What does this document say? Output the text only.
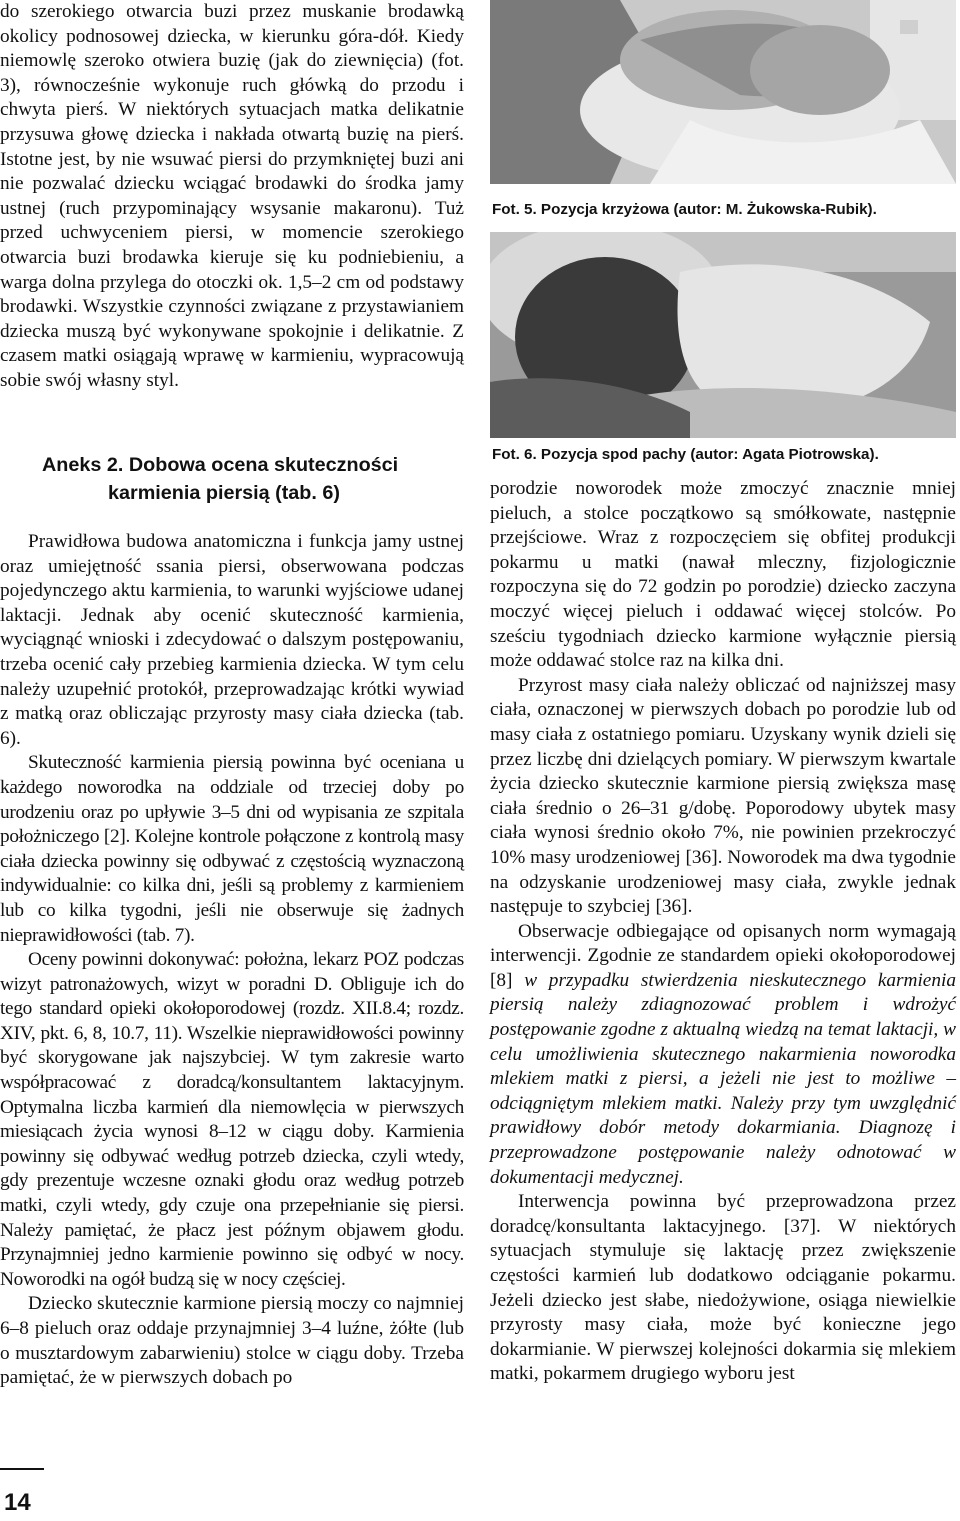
do szerokiego otwarcia buzi przez muskanie brodawką okolicy podnosowej dziecka, w kierunku góra-dół. Kiedy niemowlę szeroko otwiera buzię (jak do ziewnięcia) (fot. 3), równocześnie wykonuje ruch główką do przodu i chwyta pierś. W niektórych sytuacjach matka delikatnie przysuwa głowę dziecka i nakłada otwartą buzię na pierś. Istotne jest, by nie wsuwać piersi do przymkniętej buzi ani nie pozwalać dziecku wciągać brodawki do środka jamy ustnej (ruch przypominający wsysanie makaronu). Tuż przed uchwyceniem piersi, w momencie szerokiego otwarcia buzi brodawka kieruje się ku podniebieniu, a warga dolna przylega do otoczki ok. 1,5–2 cm od podstawy brodawki. Wszystkie czynności związane z przystawianiem dziecka muszą być wykonywane spokojnie i delikatnie. Z czasem matki osiągają wprawę w karmieniu, wypracowują sobie swój własny styl.

Aneks 2. Dobowa ocena skuteczności
karmienia piersią (tab. 6)

Prawidłowa budowa anatomiczna i funkcja jamy ustnej oraz umiejętność ssania piersi, obserwowana podczas pojedynczego aktu karmienia, to warunki wyjściowe udanej laktacji. Jednak aby ocenić skuteczność karmienia, wyciągnąć wnioski i zdecydować o dalszym postępowaniu, trzeba ocenić cały przebieg karmienia dziecka. W tym celu należy uzupełnić protokół, przeprowadzając krótki wywiad z matką oraz obliczając przyrosty masy ciała dziecka (tab. 6).

Skuteczność karmienia piersią powinna być oceniana u każdego noworodka na oddziale od trzeciej doby po urodzeniu oraz po upływie 3–5 dni od wypisania ze szpitala położniczego [2]. Kolejne kontrole połączone z kontrolą masy ciała dziecka powinny się odbywać z częstością wyznaczoną indywidualnie: co kilka dni, jeśli są problemy z karmieniem lub co kilka tygodni, jeśli nie obserwuje się żadnych nieprawidłowości (tab. 7).

Oceny powinni dokonywać: położna, lekarz POZ podczas wizyt patronażowych, wizyt w poradni D. Obliguje ich do tego standard opieki okołoporodowej (rozdz. XII.8.4; rozdz. XIV, pkt. 6, 8, 10.7, 11). Wszelkie nieprawidłowości powinny być skorygowane jak najszybciej. W tym zakresie warto współpracować z doradcą/konsultantem laktacyjnym. Optymalna liczba karmień dla niemowlęcia w pierwszych miesiącach życia wynosi 8–12 w ciągu doby. Karmienia powinny się odbywać według potrzeb dziecka, czyli wtedy, gdy prezentuje wczesne oznaki głodu oraz według potrzeb matki, czyli wtedy, gdy czuje ona przepełnianie się piersi. Należy pamiętać, że płacz jest późnym objawem głodu. Przynajmniej jedno karmienie powinno się odbyć w nocy. Noworodki na ogół budzą się w nocy częściej.

Dziecko skutecznie karmione piersią moczy co najmniej 6–8 pieluch oraz oddaje przynajmniej 3–4 luźne, żółte (lub o musztardowym zabarwieniu) stolce w ciągu doby. Trzeba pamiętać, że w pierwszych dobach po

Fot. 5. Pozycja krzyżowa (autor: M. Żukowska-Rubik).
Fot. 6. Pozycja spod pachy (autor: Agata Piotrowska).

porodzie noworodek może zmoczyć znacznie mniej pieluch, a stolce początkowo są smółkowate, następnie przejściowe. Wraz z rozpoczęciem się obfitej produkcji pokarmu u matki (nawał mleczny, fizjologicznie rozpoczyna się do 72 godzin po porodzie) dziecko zaczyna moczyć więcej pieluch i oddawać więcej stolców. Po sześciu tygodniach dziecko karmione wyłącznie piersią może oddawać stolce raz na kilka dni.

Przyrost masy ciała należy obliczać od najniższej masy ciała, oznaczonej w pierwszych dobach po porodzie lub od masy ciała z ostatniego pomiaru. Uzyskany wynik dzieli się przez liczbę dni dzielących pomiary. W pierwszym kwartale życia dziecko skutecznie karmione piersią zwiększa masę ciała średnio o 26–31 g/dobę. Poporodowy ubytek masy ciała wynosi średnio około 7%, nie powinien przekroczyć 10% masy urodzeniowej [36]. Noworodek ma dwa tygodnie na odzyskanie urodzeniowej masy ciała, zwykle jednak następuje to szybciej [36].

Obserwacje odbiegające od opisanych norm wymagają interwencji. Zgodnie ze standardem opieki okołoporodowej [8] w przypadku stwierdzenia nieskutecznego karmienia piersią należy zdiagnozować problem i wdrożyć postępowanie zgodne z aktualną wiedzą na temat laktacji, w celu umożliwienia skutecznego nakarmienia noworodka mlekiem matki z piersi, a jeżeli nie jest to możliwe – odciągniętym mlekiem matki. Należy przy tym uwzględnić prawidłowy dobór metody dokarmiania. Diagnozę i przeprowadzone postępowanie należy odnotować w dokumentacji medycznej.

Interwencja powinna być przeprowadzona przez doradcę/konsultanta laktacyjnego. [37]. W niektórych sytuacjach stymuluje się laktację przez zwiększenie częstości karmień lub dodatkowo odciąganie pokarmu. Jeżeli dziecko jest słabe, niedożywione, osiąga niewielkie przyrosty masy ciała, może być konieczne jego dokarmianie. W pierwszej kolejności dokarmia się mlekiem matki, pokarmem drugiego wyboru jest

14
